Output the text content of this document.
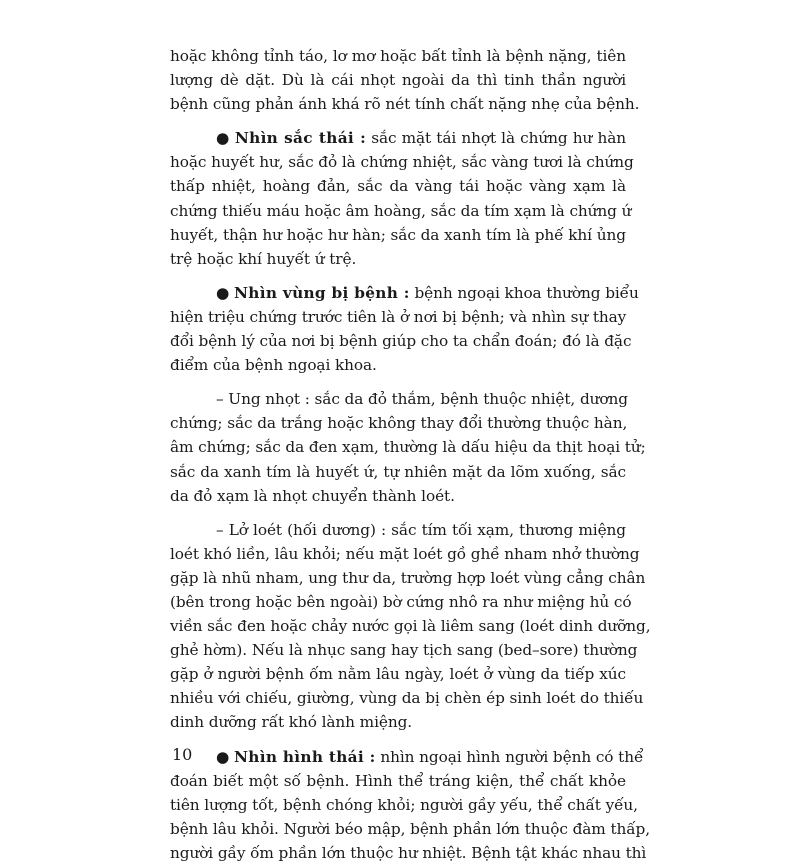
hoặc không tỉnh táo, lơ mơ hoặc bất tỉnh là bệnh nặng, tiên
lượng dè dặt. Dù là cái nhọt ngoài da thì tinh thần người
bệnh cũng phản ánh khá rõ nét tính chất nặng nhẹ của bệnh.
● Nhìn sắc thái : sắc mặt tái nhợt là chứng hư hàn
hoặc huyết hư, sắc đỏ là chứng nhiệt, sắc vàng tươi là chứng
thấp nhiệt, hoàng đản, sắc da vàng tái hoặc vàng xạm là
chứng thiếu máu hoặc âm hoàng, sắc da tím xạm là chứng ứ
huyết, thận hư hoặc hư hàn; sắc da xanh tím là phế khí ủng
trệ hoặc khí huyết ứ trệ.
● Nhìn vùng bị bệnh : bệnh ngoại khoa thường biểu
hiện triệu chứng trước tiên là ở nơi bị bệnh; và nhìn sự thay
đổi bệnh lý của nơi bị bệnh giúp cho ta chẩn đoán; đó là đặc
điểm của bệnh ngoại khoa.
– Ung nhọt : sắc da đỏ thắm, bệnh thuộc nhiệt, dương
chứng; sắc da trắng hoặc không thay đổi thường thuộc hàn,
âm chứng; sắc da đen xạm, thường là dấu hiệu da thịt hoại tử;
sắc da xanh tím là huyết ứ, tự nhiên mặt da lõm xuống, sắc
da đỏ xạm là nhọt chuyển thành loét.
– Lở loét (hối dương) : sắc tím tối xạm, thương miệng
loét khó liền, lâu khỏi; nếu mặt loét gồ ghề nham nhở thường
gặp là nhũ nham, ung thư da, trường hợp loét vùng cẳng chân
(bên trong hoặc bên ngoài) bờ cứng nhô ra như miệng hủ có
viền sắc đen hoặc chảy nước gọi là liêm sang (loét dinh dưỡng,
ghẻ hờm). Nếu là nhục sang hay tịch sang (bed–sore) thường
gặp ở người bệnh ốm nằm lâu ngày, loét ở vùng da tiếp xúc
nhiều với chiếu, giường, vùng da bị chèn ép sinh loét do thiếu
dinh dưỡng rất khó lành miệng.
● Nhìn hình thái : nhìn ngoại hình người bệnh có thể
đoán biết một số bệnh. Hình thể tráng kiện, thể chất khỏe
tiên lượng tốt, bệnh chóng khỏi; người gầy yếu, thể chất yếu,
bệnh lâu khỏi. Người béo mập, bệnh phần lớn thuộc đàm thấp,
người gầy ốm phần lớn thuộc hư nhiệt. Bệnh tật khác nhau thì
10
